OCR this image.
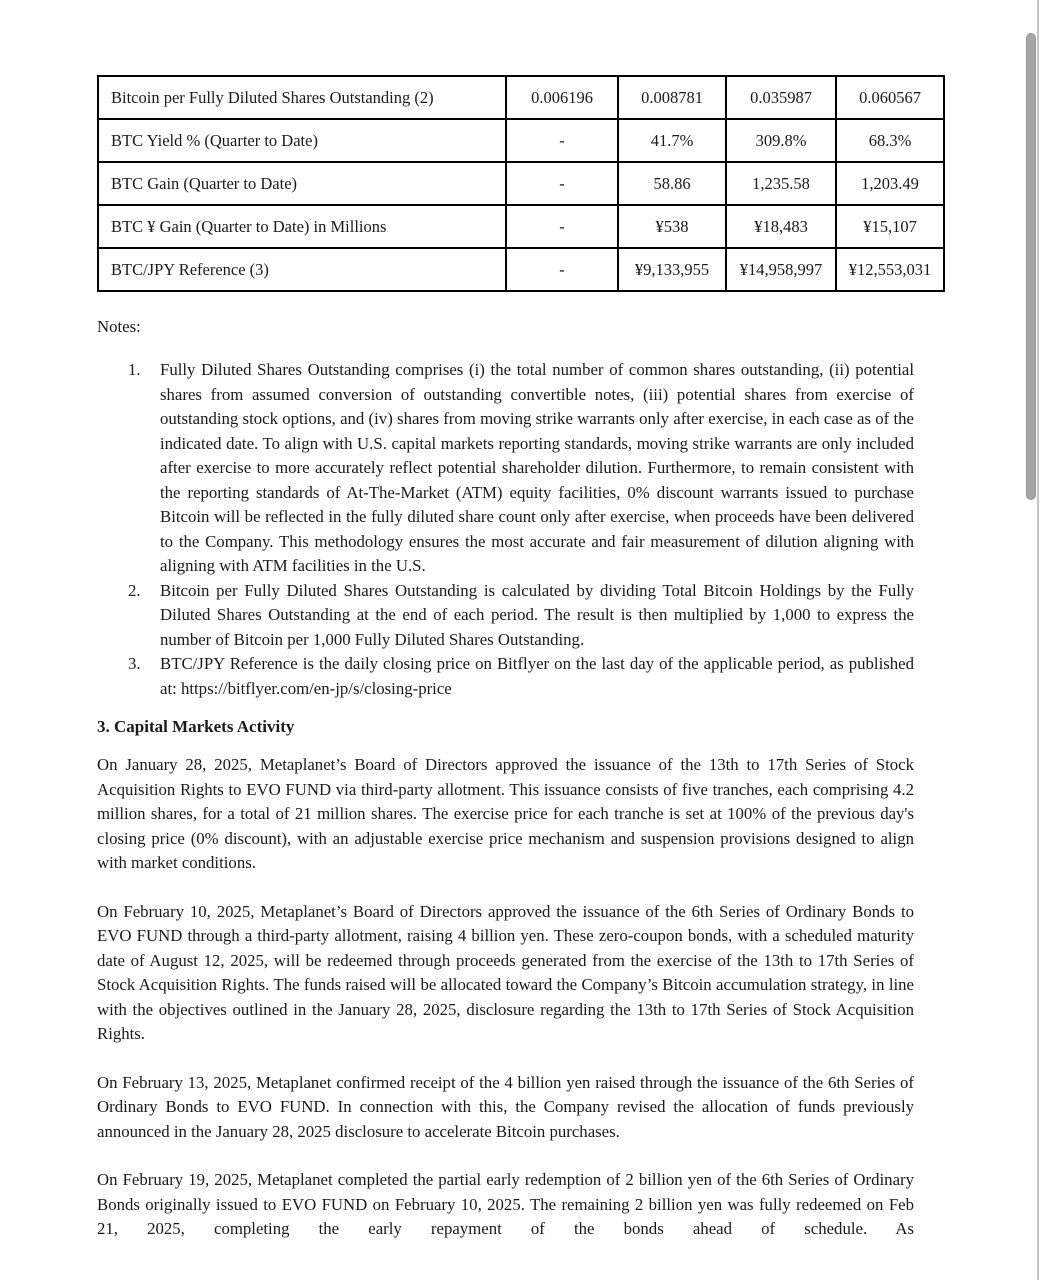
Bitcoin per Fully Diluted Shares Outstanding (2)	0.006196	0.008781	0.035987	0.060567
BTC Yield % (Quarter to Date)	-	41.7%	309.8%	68.3%
BTC Gain (Quarter to Date)	-	58.86	1,235.58	1,203.49
BTC ¥ Gain (Quarter to Date) in Millions	-	¥538	¥18,483	¥15,107
BTC/JPY Reference (3)	-	¥9,133,955	¥14,958,997	¥12,553,031
Notes:
1.	Fully Diluted Shares Outstanding comprises (i) the total number of common shares outstanding, (ii) potential shares from assumed conversion of outstanding convertible notes, (iii) potential shares from exercise of outstanding stock options, and (iv) shares from moving strike warrants only after exercise, in each case as of the indicated date. To align with U.S. capital markets reporting standards, moving strike warrants are only included after exercise to more accurately reflect potential shareholder dilution. Furthermore, to remain consistent with the reporting standards of At-The-Market (ATM) equity facilities, 0% discount warrants issued to purchase Bitcoin will be reflected in the fully diluted share count only after exercise, when proceeds have been delivered to the Company. This methodology ensures the most accurate and fair measurement of dilution aligning with aligning with ATM facilities in the U.S.
2.	Bitcoin per Fully Diluted Shares Outstanding is calculated by dividing Total Bitcoin Holdings by the Fully Diluted Shares Outstanding at the end of each period. The result is then multiplied by 1,000 to express the number of Bitcoin per 1,000 Fully Diluted Shares Outstanding.
3.	BTC/JPY Reference is the daily closing price on Bitflyer on the last day of the applicable period, as published at: https://bitflyer.com/en-jp/s/closing-price
3. Capital Markets Activity

On January 28, 2025, Metaplanet’s Board of Directors approved the issuance of the 13th to 17th Series of Stock Acquisition Rights to EVO FUND via third-party allotment. This issuance consists of five tranches, each comprising 4.2 million shares, for a total of 21 million shares. The exercise price for each tranche is set at 100% of the previous day's closing price (0% discount), with an adjustable exercise price mechanism and suspension provisions designed to align with market conditions.

On February 10, 2025, Metaplanet’s Board of Directors approved the issuance of the 6th Series of Ordinary Bonds to EVO FUND through a third-party allotment, raising 4 billion yen. These zero-coupon bonds, with a scheduled maturity date of August 12, 2025, will be redeemed through proceeds generated from the exercise of the 13th to 17th Series of Stock Acquisition Rights. The funds raised will be allocated toward the Company’s Bitcoin accumulation strategy, in line with the objectives outlined in the January 28, 2025, disclosure regarding the 13th to 17th Series of Stock Acquisition Rights.

On February 13, 2025, Metaplanet confirmed receipt of the 4 billion yen raised through the issuance of the 6th Series of Ordinary Bonds to EVO FUND. In connection with this, the Company revised the allocation of funds previously announced in the January 28, 2025 disclosure to accelerate Bitcoin purchases.

On February 19, 2025, Metaplanet completed the partial early redemption of 2 billion yen of the 6th Series of Ordinary Bonds originally issued to EVO FUND on February 10, 2025. The remaining 2 billion yen was fully redeemed on Feb 21, 2025, completing the early repayment of the bonds ahead of schedule. As
